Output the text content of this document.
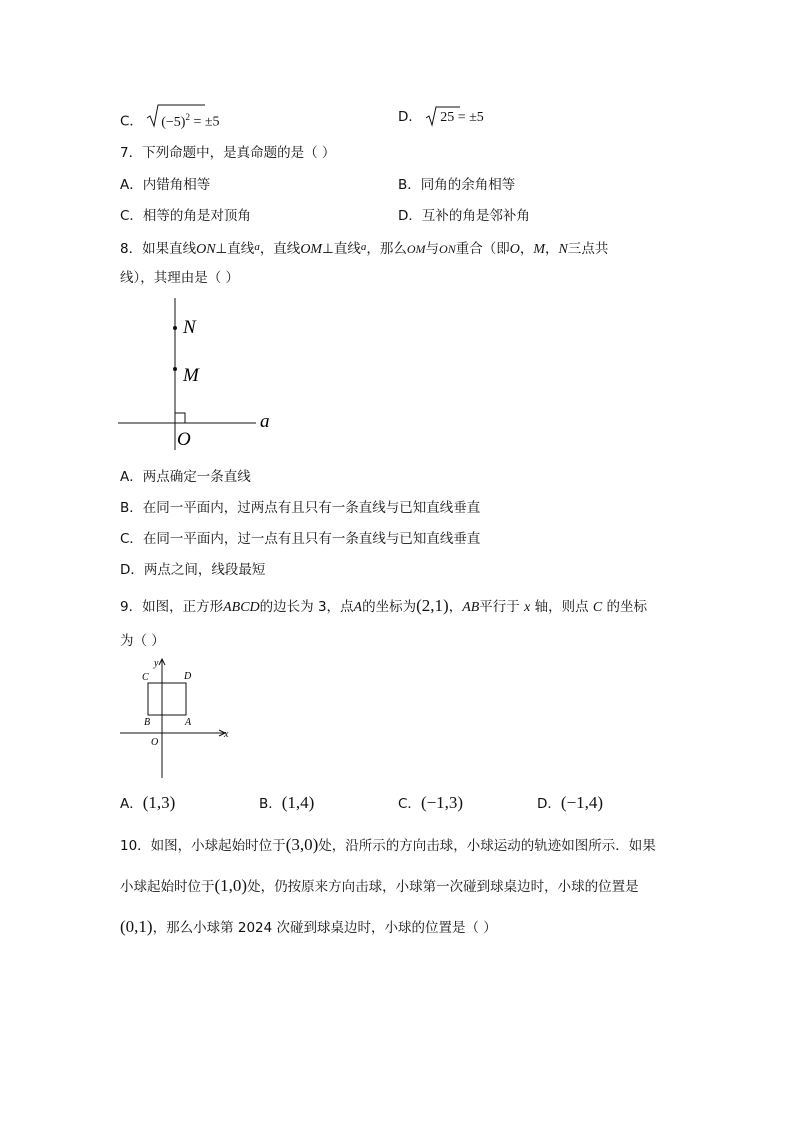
C． $(-5)^2 = \pm 5$	D． 25 = ±5
7．下列命题中，是真命题的是（ ）
A．内错角相等	B．同角的余角相等
C．相等的角是对顶角	D．互补的角是邻补角
8．如果直线ON⊥直线$^a$，直线OM⊥直线$^a$，那么OM与ON重合（即O，M，N三点共
线），其理由是（ ）
N
M
O
a
A．两点确定一条直线
B．在同一平面内，过两点有且只有一条直线与已知直线垂直
C．在同一平面内，过一点有且只有一条直线与已知直线垂直
D．两点之间，线段最短
9．如图，正方形ABCD的边长为 3，点A的坐标为(2,1)，AB平行于 x 轴，则点 C 的坐标
为（ ）
y
x
C	D
B	A
O
A．(1,3)	B．(1,4)	C．(−1,3)	D．(−1,4)
10．如图，小球起始时位于(3,0)处，沿所示的方向击球，小球运动的轨迹如图所示．如果
小球起始时位于(1,0)处，仍按原来方向击球，小球第一次碰到球桌边时，小球的位置是
(0,1)，那么小球第 2024 次碰到球桌边时，小球的位置是（ ）
